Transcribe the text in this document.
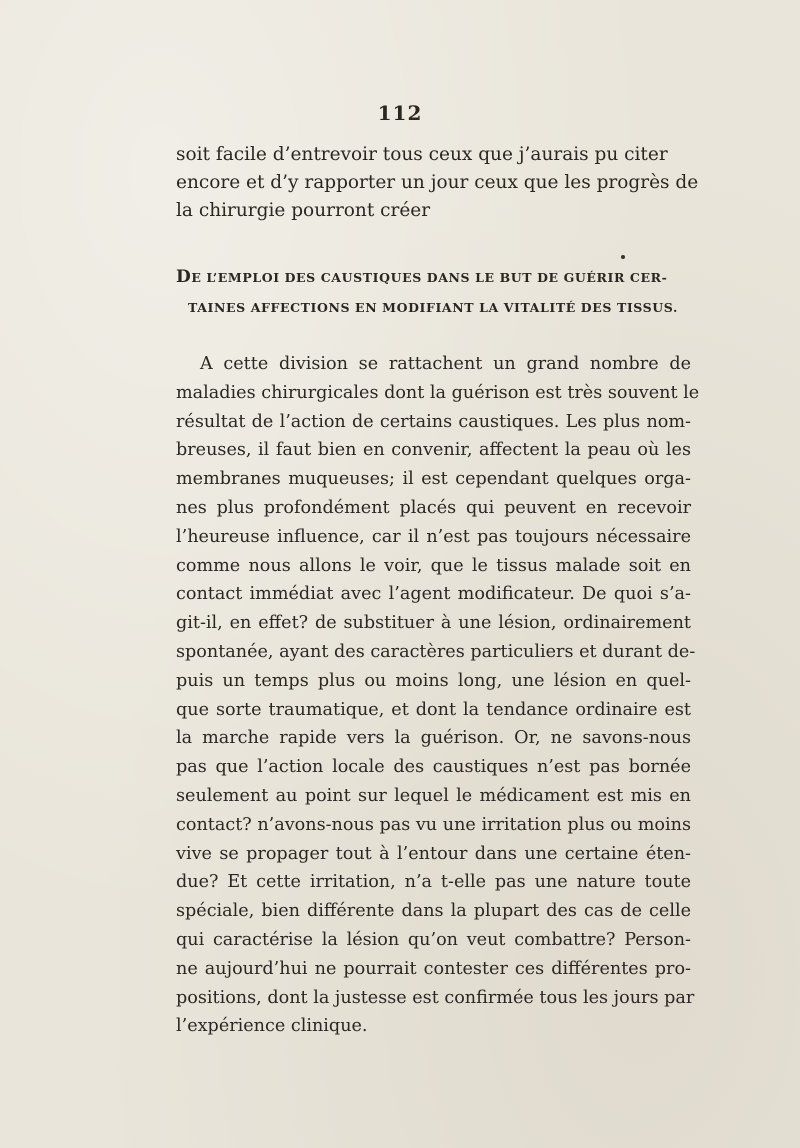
112

soit facile d’entrevoir tous ceux que j’aurais pu citer
encore et d’y rapporter un jour ceux que les progrès de
la chirurgie pourront créer

DE L’EMPLOI DES CAUSTIQUES DANS LE BUT DE GUÉRIR CER-
TAINES AFFECTIONS EN MODIFIANT LA VITALITÉ DES TISSUS.

A cette division se rattachent un grand nombre de
maladies chirurgicales dont la guérison est très souvent le
résultat de l’action de certains caustiques. Les plus nom-
breuses, il faut bien en convenir, affectent la peau où les
membranes muqueuses; il est cependant quelques orga-
nes plus profondément placés qui peuvent en recevoir
l’heureuse influence, car il n’est pas toujours nécessaire
comme nous allons le voir, que le tissus malade soit en
contact immédiat avec l’agent modificateur. De quoi s’a-
git-il, en effet? de substituer à une lésion, ordinairement
spontanée, ayant des caractères particuliers et durant de-
puis un temps plus ou moins long, une lésion en quel-
que sorte traumatique, et dont la tendance ordinaire est
la marche rapide vers la guérison. Or, ne savons-nous
pas que l’action locale des caustiques n’est pas bornée
seulement au point sur lequel le médicament est mis en
contact? n’avons-nous pas vu une irritation plus ou moins
vive se propager tout à l’entour dans une certaine éten-
due? Et cette irritation, n’a t-elle pas une nature toute
spéciale, bien différente dans la plupart des cas de celle
qui caractérise la lésion qu’on veut combattre? Person-
ne aujourd’hui ne pourrait contester ces différentes pro-
positions, dont la justesse est confirmée tous les jours par
l’expérience clinique.
